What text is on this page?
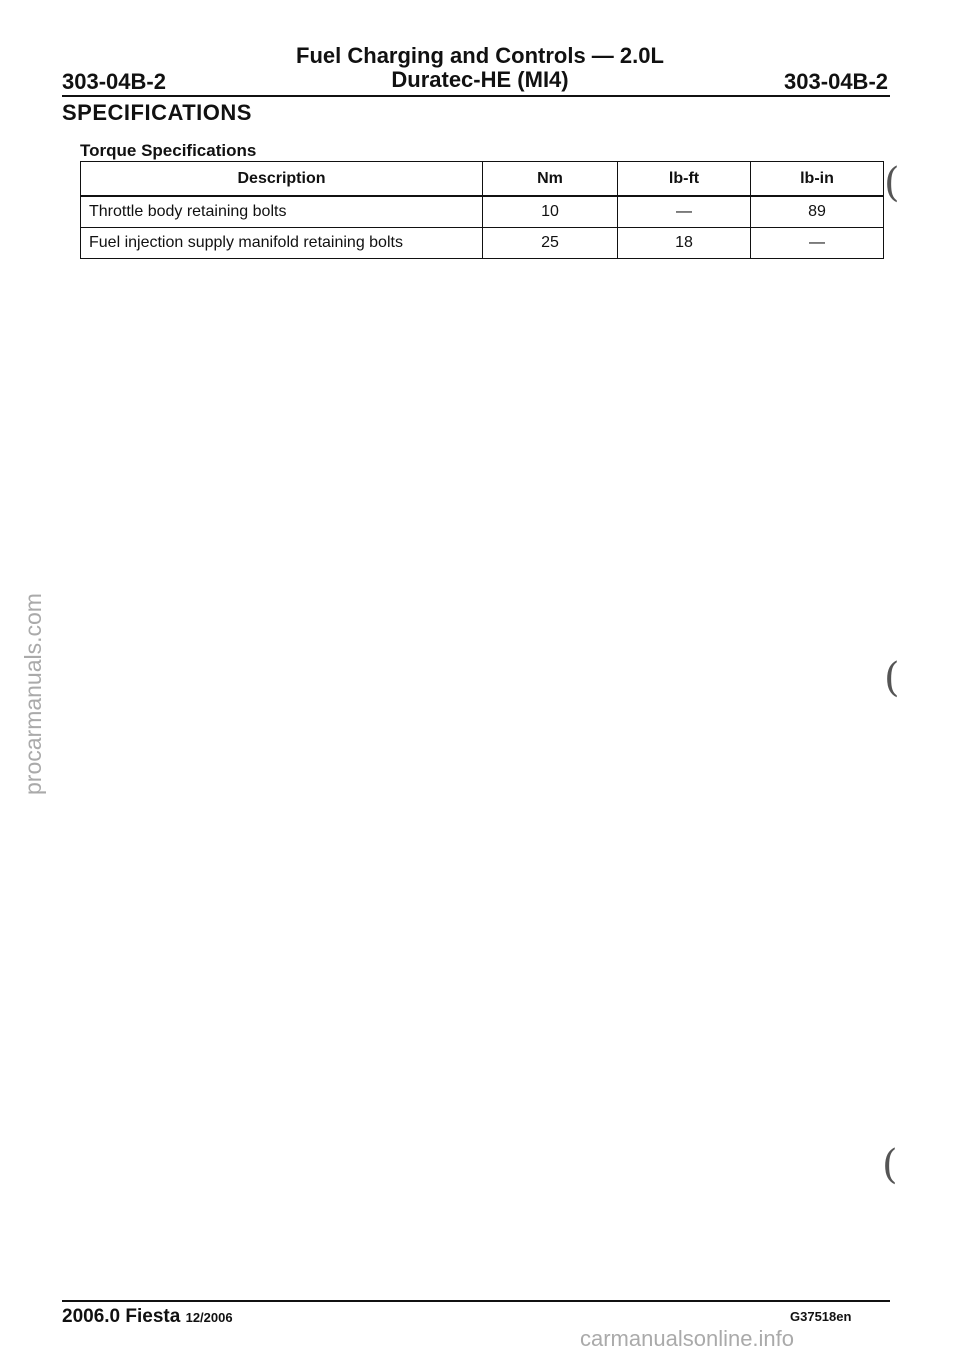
Fuel Charging and Controls — 2.0L
Duratec-HE (MI4)
303-04B-2	303-04B-2
SPECIFICATIONS
Torque Specifications
Description	Nm	lb-ft	lb-in
Throttle body retaining bolts	10	—	89
Fuel injection supply manifold retaining bolts	25	18	—
(
(
(
2006.0 Fiesta 12/2006	G37518en
procarmanuals.com
carmanualsonline.info
